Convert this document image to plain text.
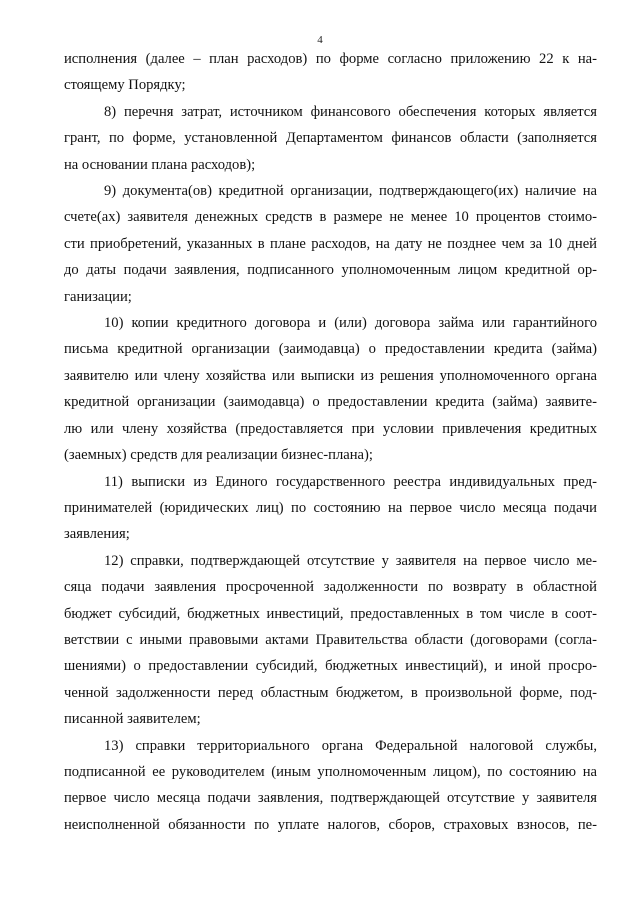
4

исполнения (далее – план расходов) по форме согласно приложению 22 к на-
стоящему Порядку;

8) перечня затрат, источником финансового обеспечения которых является
грант, по форме, установленной Департаментом финансов области (заполняется
на основании плана расходов);

9) документа(ов) кредитной организации, подтверждающего(их) наличие на
счете(ах) заявителя денежных средств в размере не менее 10 процентов стоимо-
сти приобретений, указанных в плане расходов, на дату не позднее чем за 10 дней
до даты подачи заявления, подписанного уполномоченным лицом кредитной ор-
ганизации;

10) копии кредитного договора и (или) договора займа или гарантийного
письма кредитной организации (заимодавца) о предоставлении кредита (займа)
заявителю или члену хозяйства или выписки из решения уполномоченного органа
кредитной организации (заимодавца) о предоставлении кредита (займа) заявите-
лю или члену хозяйства (предоставляется при условии привлечения кредитных
(заемных) средств для реализации бизнес-плана);

11) выписки из Единого государственного реестра индивидуальных пред-
принимателей (юридических лиц) по состоянию на первое число месяца подачи
заявления;

12) справки, подтверждающей отсутствие у заявителя на первое число ме-
сяца подачи заявления просроченной задолженности по возврату в областной
бюджет субсидий, бюджетных инвестиций, предоставленных в том числе в соот-
ветствии с иными правовыми актами Правительства области (договорами (согла-
шениями) о предоставлении субсидий, бюджетных инвестиций), и иной просро-
ченной задолженности перед областным бюджетом, в произвольной форме, под-
писанной заявителем;

13) справки территориального органа Федеральной налоговой службы,
подписанной ее руководителем (иным уполномоченным лицом), по состоянию на
первое число месяца подачи заявления, подтверждающей отсутствие у заявителя
неисполненной обязанности по уплате налогов, сборов, страховых взносов, пе-
